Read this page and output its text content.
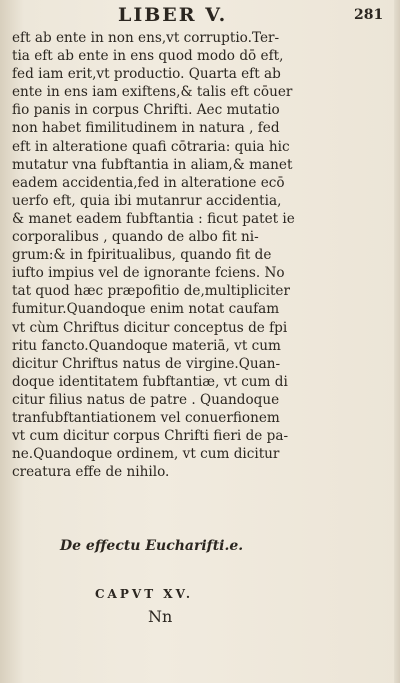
LIBER V.	281
eft ab ente in non ens,vt corruptio.Ter-
tia eft ab ente in ens quod modo dō eft,
fed iam erit,vt productio. Quarta eft ab
ente in ens iam exiftens,& talis eft cōuer
fio panis in corpus Chrifti. Aec mutatio
non habet fimilitudinem in natura , fed
eft in alteratione quafi cōtraria: quia hic
mutatur vna fubftantia in aliam,& manet
eadem accidentia,fed in alteratione ecō
uerfo eft, quia ibi mutanrur accidentia,
& manet eadem fubftantia : ficut patet ie
corporalibus , quando de albo fit ni-
grum:& in fpiritualibus, quando fit de
iufto impius vel de ignorante fciens. No
tat quod hæc præpofitio de,multipliciter
fumitur.Quandoque enim notat caufam
vt cùm Chriftus dicitur conceptus de fpi
ritu fancto.Quandoque materiā, vt cum
dicitur Chriftus natus de virgine.Quan-
doque identitatem fubftantiæ, vt cum di
citur filius natus de patre . Quandoque
tranfubftantiationem vel conuerfionem
vt cum dicitur corpus Chrifti fieri de pa-
ne.Quandoque ordinem, vt cum dicitur
creatura effe de nihilo.
De effectu Eucharifti.e.
CAPVT XV.
Nn
